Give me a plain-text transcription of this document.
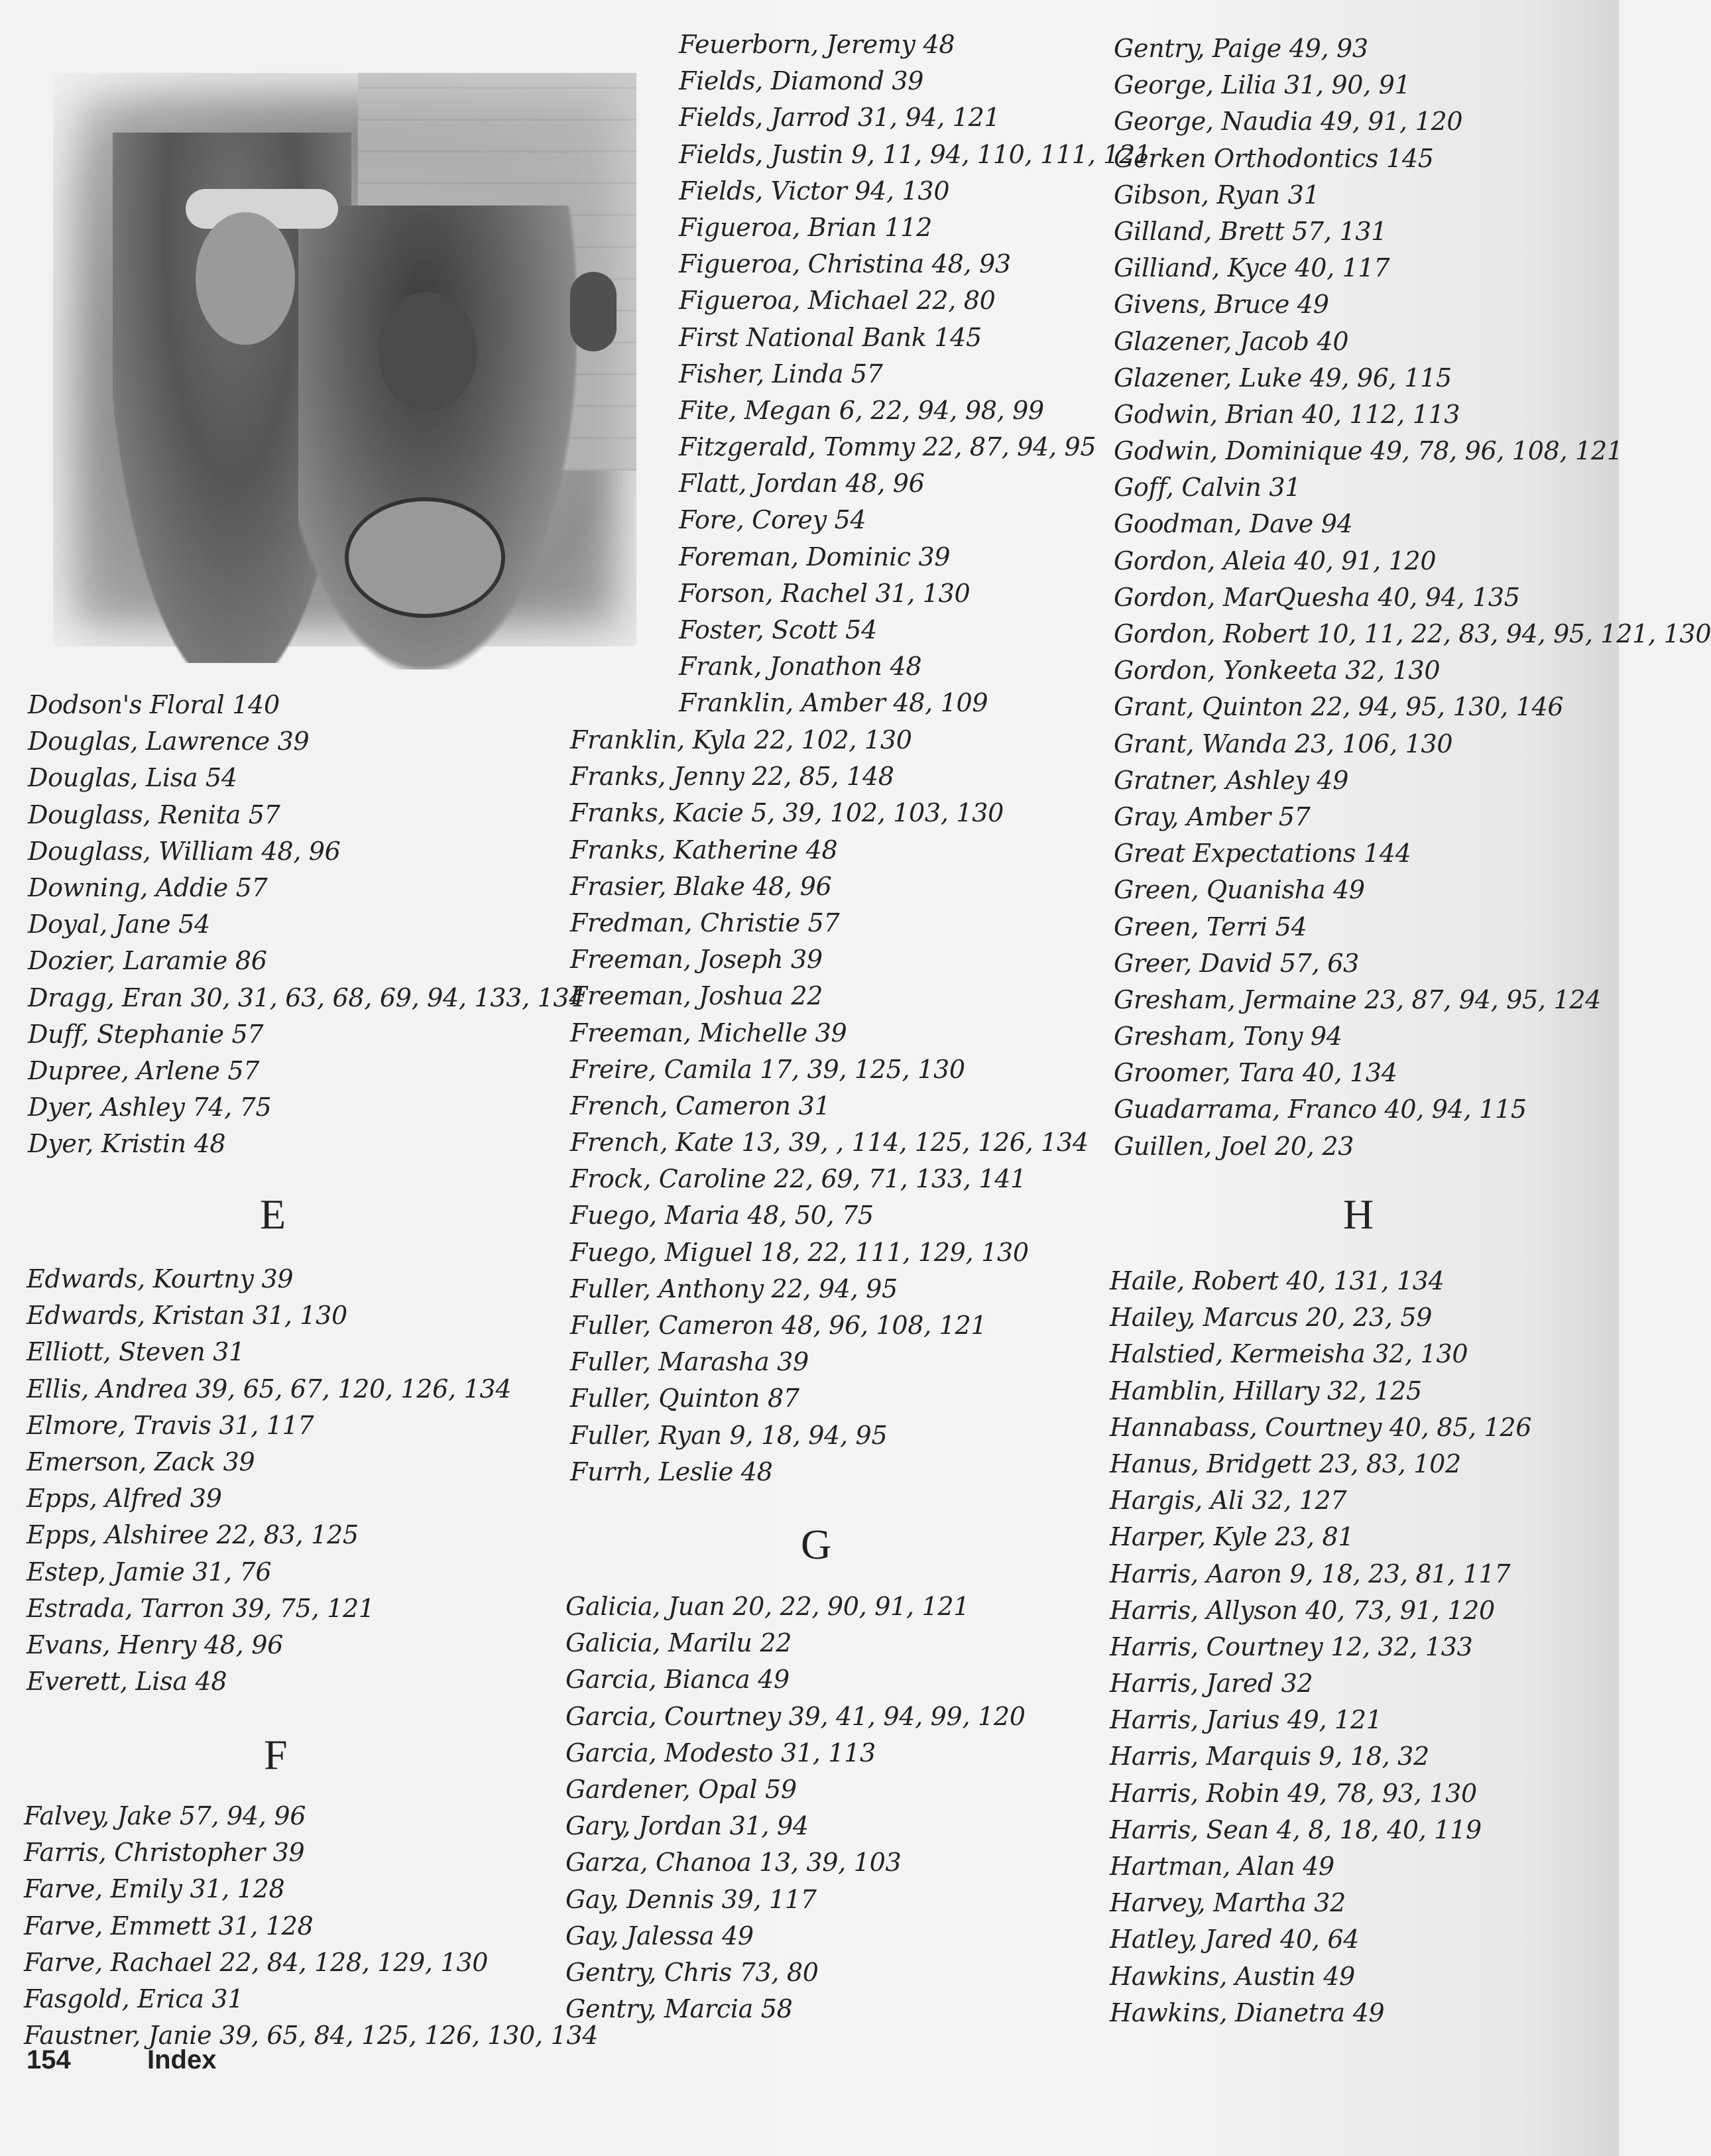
Dodson's Floral 140
Douglas, Lawrence 39
Douglas, Lisa 54
Douglass, Renita 57
Douglass, William 48, 96
Downing, Addie 57
Doyal, Jane 54
Dozier, Laramie 86
Dragg, Eran 30, 31, 63, 68, 69, 94, 133, 134
Duff, Stephanie 57
Dupree, Arlene 57
Dyer, Ashley 74, 75
Dyer, Kristin 48
E
Edwards, Kourtny 39
Edwards, Kristan 31, 130
Elliott, Steven 31
Ellis, Andrea 39, 65, 67, 120, 126, 134
Elmore, Travis 31, 117
Emerson, Zack 39
Epps, Alfred 39
Epps, Alshiree 22, 83, 125
Estep, Jamie 31, 76
Estrada, Tarron 39, 75, 121
Evans, Henry 48, 96
Everett, Lisa 48
F
Falvey, Jake 57, 94, 96
Farris, Christopher 39
Farve, Emily 31, 128
Farve, Emmett 31, 128
Farve, Rachael 22, 84, 128, 129, 130
Fasgold, Erica 31
Faustner, Janie 39, 65, 84, 125, 126, 130, 134
Feuerborn, Jeremy 48
Fields, Diamond 39
Fields, Jarrod 31, 94, 121
Fields, Justin 9, 11, 94, 110, 111, 121
Fields, Victor 94, 130
Figueroa, Brian 112
Figueroa, Christina 48, 93
Figueroa, Michael 22, 80
First National Bank 145
Fisher, Linda 57
Fite, Megan 6, 22, 94, 98, 99
Fitzgerald, Tommy 22, 87, 94, 95
Flatt, Jordan 48, 96
Fore, Corey 54
Foreman, Dominic 39
Forson, Rachel 31, 130
Foster, Scott 54
Frank, Jonathon 48
Franklin, Amber 48, 109
Franklin, Kyla 22, 102, 130
Franks, Jenny 22, 85, 148
Franks, Kacie 5, 39, 102, 103, 130
Franks, Katherine 48
Frasier, Blake 48, 96
Fredman, Christie 57
Freeman, Joseph 39
Freeman, Joshua 22
Freeman, Michelle 39
Freire, Camila 17, 39, 125, 130
French, Cameron 31
French, Kate 13, 39, , 114, 125, 126, 134
Frock, Caroline 22, 69, 71, 133, 141
Fuego, Maria 48, 50, 75
Fuego, Miguel 18, 22, 111, 129, 130
Fuller, Anthony 22, 94, 95
Fuller, Cameron 48, 96, 108, 121
Fuller, Marasha 39
Fuller, Quinton 87
Fuller, Ryan 9, 18, 94, 95
Furrh, Leslie 48
G
Galicia, Juan 20, 22, 90, 91, 121
Galicia, Marilu 22
Garcia, Bianca 49
Garcia, Courtney 39, 41, 94, 99, 120
Garcia, Modesto 31, 113
Gardener, Opal 59
Gary, Jordan 31, 94
Garza, Chanoa 13, 39, 103
Gay, Dennis 39, 117
Gay, Jalessa 49
Gentry, Chris 73, 80
Gentry, Marcia 58
Gentry, Paige 49, 93
George, Lilia 31, 90, 91
George, Naudia 49, 91, 120
Gerken Orthodontics 145
Gibson, Ryan 31
Gilland, Brett 57, 131
Gilliand, Kyce 40, 117
Givens, Bruce 49
Glazener, Jacob 40
Glazener, Luke 49, 96, 115
Godwin, Brian 40, 112, 113
Godwin, Dominique 49, 78, 96, 108, 121
Goff, Calvin 31
Goodman, Dave 94
Gordon, Aleia 40, 91, 120
Gordon, MarQuesha 40, 94, 135
Gordon, Robert 10, 11, 22, 83, 94, 95, 121, 130
Gordon, Yonkeeta 32, 130
Grant, Quinton 22, 94, 95, 130, 146
Grant, Wanda 23, 106, 130
Gratner, Ashley 49
Gray, Amber 57
Great Expectations 144
Green, Quanisha 49
Green, Terri 54
Greer, David 57, 63
Gresham, Jermaine 23, 87, 94, 95, 124
Gresham, Tony 94
Groomer, Tara 40, 134
Guadarrama, Franco 40, 94, 115
Guillen, Joel 20, 23
H
Haile, Robert 40, 131, 134
Hailey, Marcus 20, 23, 59
Halstied, Kermeisha 32, 130
Hamblin, Hillary 32, 125
Hannabass, Courtney 40, 85, 126
Hanus, Bridgett 23, 83, 102
Hargis, Ali 32, 127
Harper, Kyle 23, 81
Harris, Aaron 9, 18, 23, 81, 117
Harris, Allyson 40, 73, 91, 120
Harris, Courtney 12, 32, 133
Harris, Jared 32
Harris, Jarius 49, 121
Harris, Marquis 9, 18, 32
Harris, Robin 49, 78, 93, 130
Harris, Sean 4, 8, 18, 40, 119
Hartman, Alan 49
Harvey, Martha 32
Hatley, Jared 40, 64
Hawkins, Austin 49
Hawkins, Dianetra 49
154	Index
